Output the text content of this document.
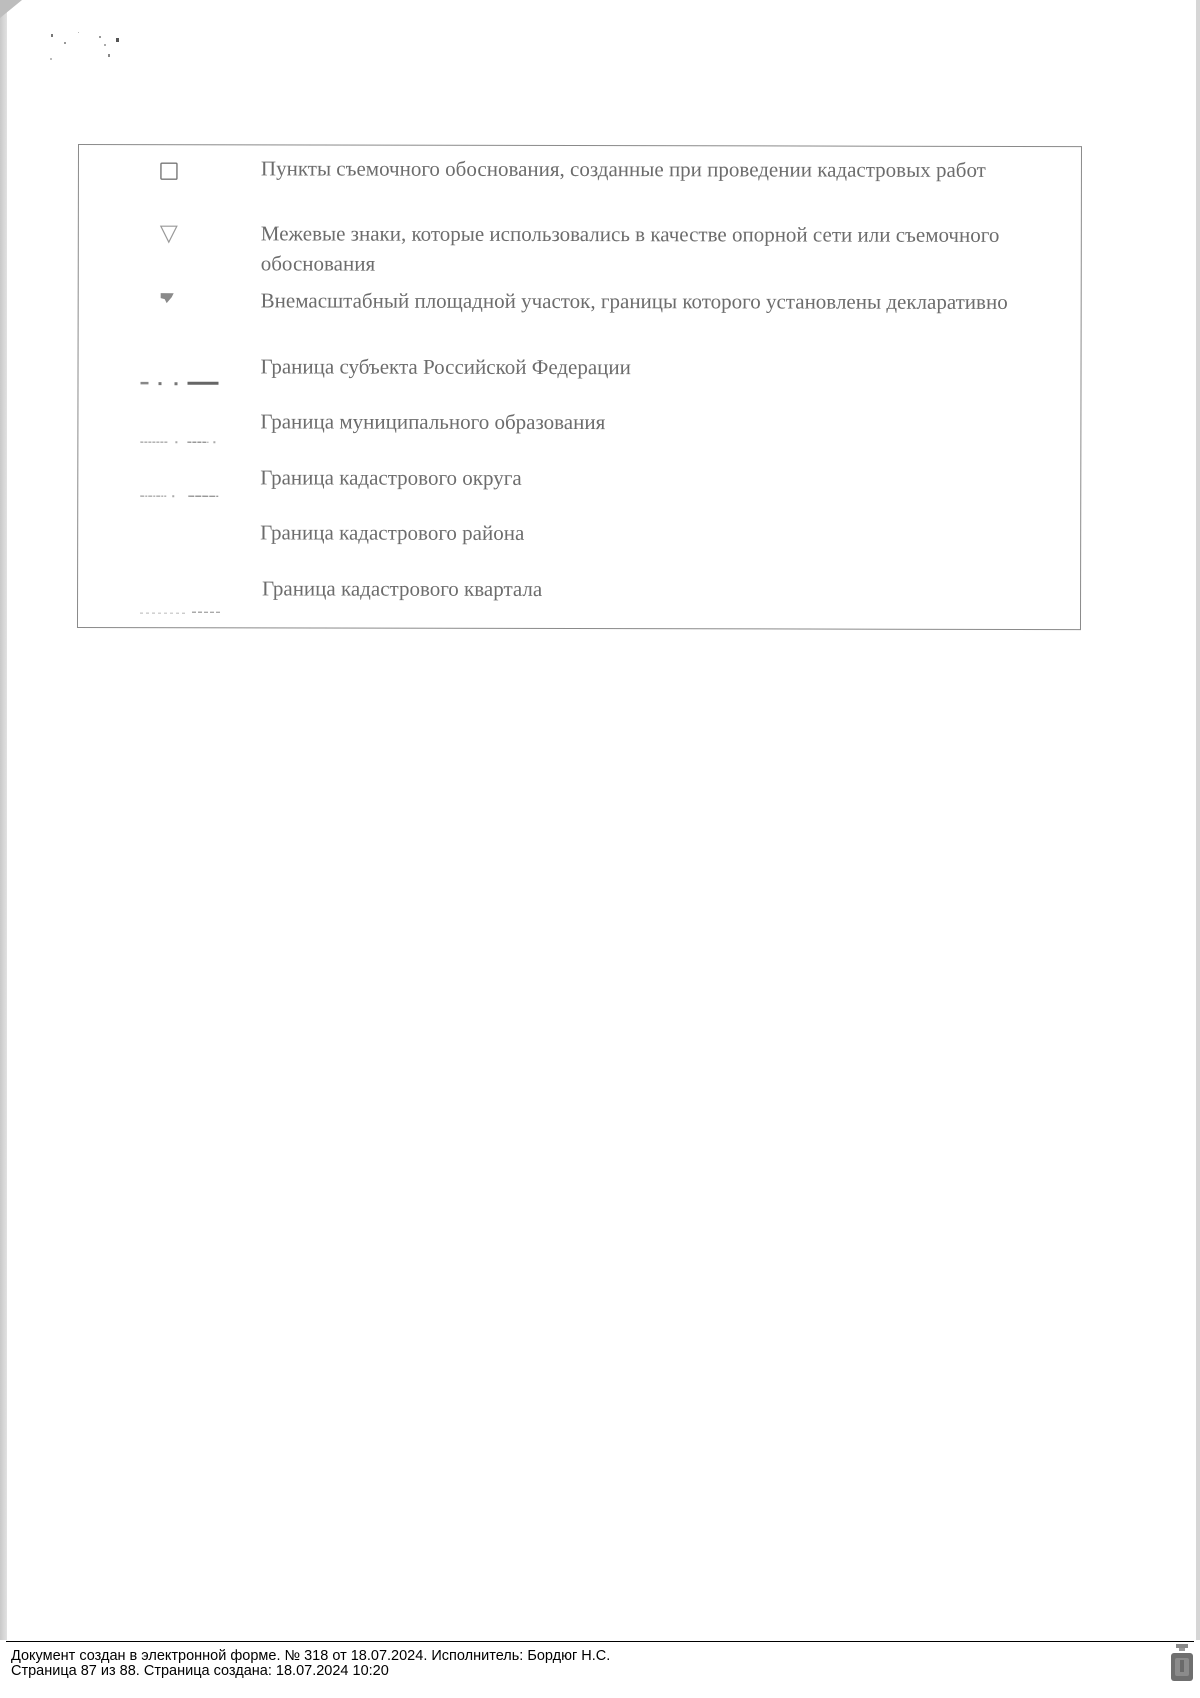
Пункты съемочного обоснования, созданные при проведении кадастровых работ
Межевые знаки, которые использовались в качестве опорной сети или съемочного обоснования
Внемасштабный площадной участок, границы которого установлены декларативно
Граница субъекта Российской Федерации
Граница муниципального образования
Граница кадастрового округа
Граница кадастрового района
Граница кадастрового квартала
Документ создан в электронной форме. № 318 от 18.07.2024. Исполнитель: Бордюг Н.С.
Страница 87 из 88. Страница создана: 18.07.2024 10:20
